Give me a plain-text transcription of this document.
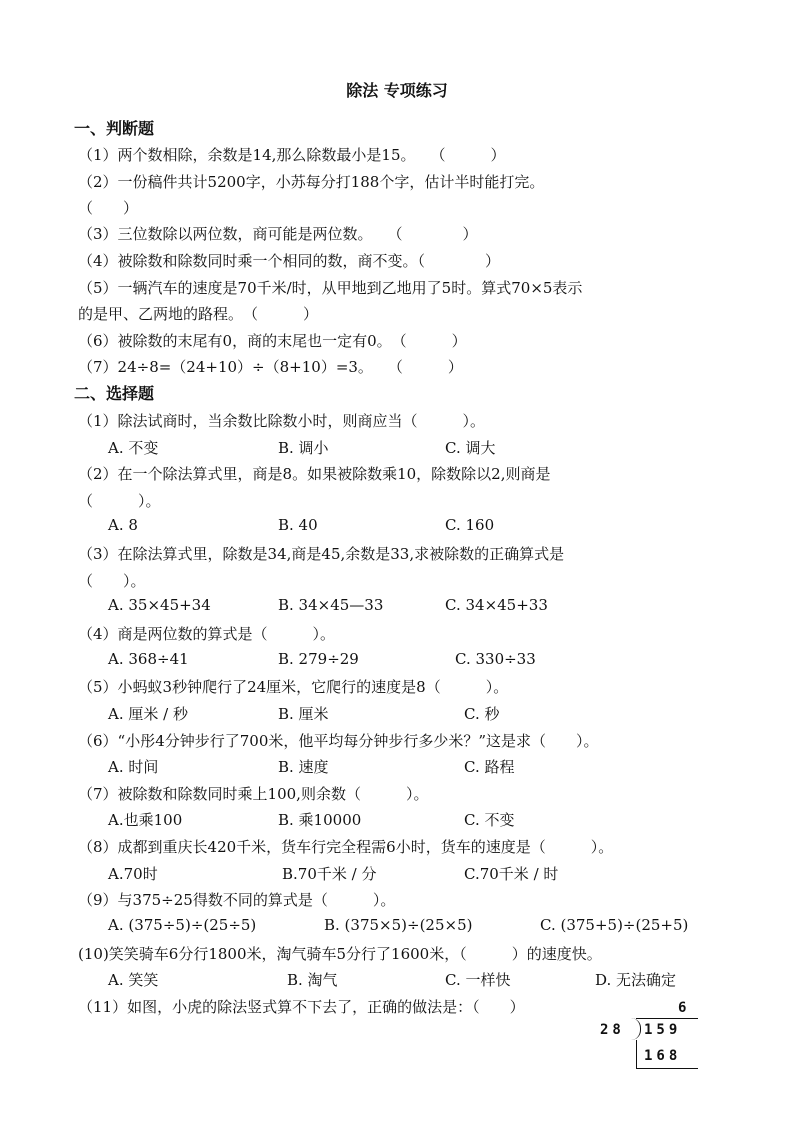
除法 专项练习
一、判断题
（1）两个数相除，余数是14,那么除数最小是15。　　（　　　）
（2）一份稿件共计5200字，小苏每分打188个字，估计半时能打完。
（　　）
（3）三位数除以两位数，商可能是两位数。　　（　　　　）
（4）被除数和除数同时乘一个相同的数，商不变。（　　　　）
（5）一辆汽车的速度是70千米/时，从甲地到乙地用了5时。算式70×5表示
的是甲、乙两地的路程。　（　　　）
（6）被除数的末尾有0，商的末尾也一定有0。　（　　　）
（7）24÷8=（24+10）÷（8+10）=3。　　（　　　）
二、选择题
（1）除法试商时，当余数比除数小时，则商应当（　　　）。
A. 不变	B. 调小	C. 调大
（2）在一个除法算式里，商是8。如果被除数乘10，除数除以2,则商是
（　　　）。
A. 8	B. 40	C. 160
（3）在除法算式里，除数是34,商是45,余数是33,求被除数的正确算式是
（　　）。
A. 35×45+34	B. 34×45—33	C. 34×45+33
（4）商是两位数的算式是（　　　）。
A. 368÷41	B. 279÷29	C. 330÷33
（5）小蚂蚁3秒钟爬行了24厘米，它爬行的速度是8（　　　）。
A. 厘米 / 秒	B. 厘米	C. 秒
（6）“小彤4分钟步行了700米，他平均每分钟步行多少米？”这是求（　　）。
A. 时间	B. 速度	C. 路程
（7）被除数和除数同时乘上100,则余数（　　　）。
A.也乘100	B. 乘10000	C. 不变
（8）成都到重庆长420千米，货车行完全程需6小时，货车的速度是（　　　）。
A.70时	B.70千米 / 分	C.70千米 / 时
（9）与375÷25得数不同的算式是（　　　）。
A. (375÷5)÷(25÷5)	B. (375×5)÷(25×5)	C. (375+5)÷(25+5)
(10)笑笑骑车6分行1800米，淘气骑车5分行了1600米，（　　　）的速度快。
A. 笑笑	B. 淘气	C. 一样快	D. 无法确定
（11）如图，小虎的除法竖式算不下去了，正确的做法是：（　　）	6
28 159
168
